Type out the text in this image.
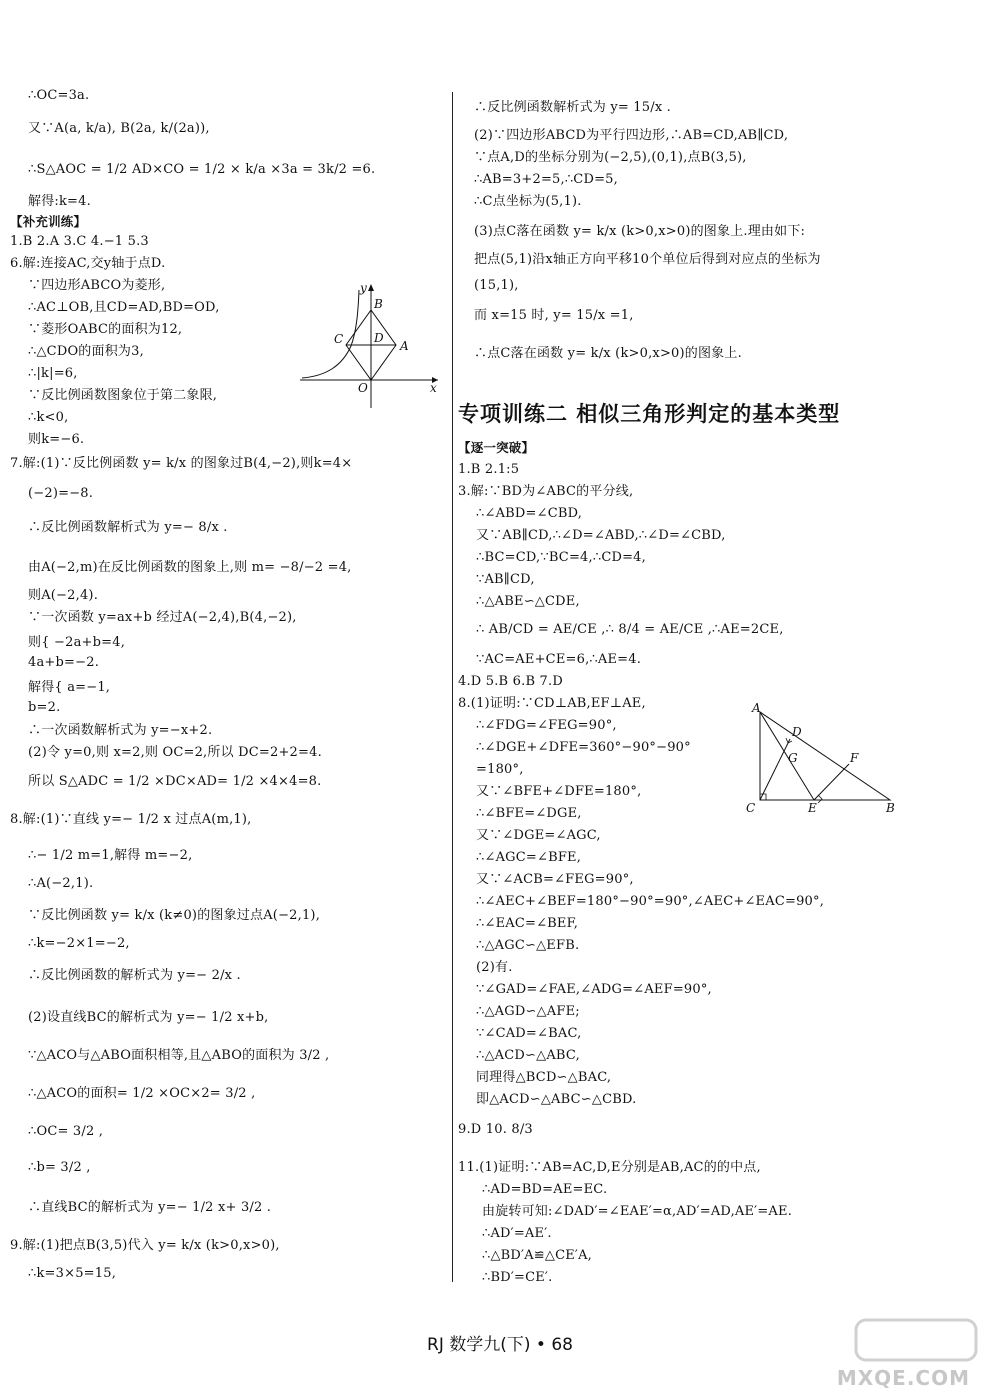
∴OC=3a.
又∵A(a, k/a), B(2a, k/(2a)),
∴S△AOC = 1/2 AD×CO = 1/2 × k/a ×3a = 3k/2 =6.
解得:k=4.
【补充训练】
1.B 2.A 3.C 4.−1 5.3
6.解:连接AC,交y轴于点D.
∵四边形ABCO为菱形,
∴AC⊥OB,且CD=AD,BD=OD,
∵菱形OABC的面积为12,
∴△CDO的面积为3,
∴|k|=6,
∵反比例函数图象位于第二象限,
∴k<0,
则k=−6.
7.解:(1)∵反比例函数 y= k/x 的图象过B(4,−2),则k=4×
(−2)=−8.
∴反比例函数解析式为 y=− 8/x .
由A(−2,m)在反比例函数的图象上,则 m= −8/−2 =4,
则A(−2,4).
∵一次函数 y=ax+b 经过A(−2,4),B(4,−2),
则{ −2a+b=4,
4a+b=−2.
解得{ a=−1,
b=2.
∴一次函数解析式为 y=−x+2.
(2)令 y=0,则 x=2,则 OC=2,所以 DC=2+2=4.
所以 S△ADC = 1/2 ×DC×AD= 1/2 ×4×4=8.
8.解:(1)∵直线 y=− 1/2 x 过点A(m,1),
∴− 1/2 m=1,解得 m=−2,
∴A(−2,1).
∵反比例函数 y= k/x (k≠0)的图象过点A(−2,1),
∴k=−2×1=−2,
∴反比例函数的解析式为 y=− 2/x .
(2)设直线BC的解析式为 y=− 1/2 x+b,
∵△ACO与△ABO面积相等,且△ABO的面积为 3/2 ,
∴△ACO的面积= 1/2 ×OC×2= 3/2 ,
∴OC= 3/2 ,
∴b= 3/2 ,
∴直线BC的解析式为 y=− 1/2 x+ 3/2 .
9.解:(1)把点B(3,5)代入 y= k/x (k>0,x>0),
∴k=3×5=15,
∴反比例函数解析式为 y= 15/x .
(2)∵四边形ABCD为平行四边形,∴AB=CD,AB∥CD,
∵点A,D的坐标分别为(−2,5),(0,1),点B(3,5),
∴AB=3+2=5,∴CD=5,
∴C点坐标为(5,1).
(3)点C落在函数 y= k/x (k>0,x>0)的图象上.理由如下:
把点(5,1)沿x轴正方向平移10个单位后得到对应点的坐标为
(15,1),
而 x=15 时, y= 15/x =1,
∴点C落在函数 y= k/x (k>0,x>0)的图象上.
【逐一突破】
1.B 2.1:5
3.解:∵BD为∠ABC的平分线,
∴∠ABD=∠CBD,
又∵AB∥CD,∴∠D=∠ABD,∴∠D=∠CBD,
∴BC=CD,∵BC=4,∴CD=4,
∵AB∥CD,
∴△ABE∽△CDE,
∴ AB/CD = AE/CE ,∴ 8/4 = AE/CE ,∴AE=2CE,
∵AC=AE+CE=6,∴AE=4.
4.D 5.B 6.B 7.D
8.(1)证明:∵CD⊥AB,EF⊥AE,
∴∠FDG=∠FEG=90°,
∴∠DGE+∠DFE=360°−90°−90°
=180°,
又∵∠BFE+∠DFE=180°,
∴∠BFE=∠DGE,
又∵∠DGE=∠AGC,
∴∠AGC=∠BFE,
又∵∠ACB=∠FEG=90°,
∴∠AEC+∠BEF=180°−90°=90°,∠AEC+∠EAC=90°,
∴∠EAC=∠BEF,
∴△AGC∽△EFB.
(2)有.
∵∠GAD=∠FAE,∠ADG=∠AEF=90°,
∴△AGD∽△AFE;
∵∠CAD=∠BAC,
∴△ACD∽△ABC,
同理得△BCD∽△BAC,
即△ACD∽△ABC∽△CBD.
9.D 10. 8/3
11.(1)证明:∵AB=AC,D,E分别是AB,AC的的中点,
∴AD=BD=AE=EC.
由旋转可知:∠DAD′=∠EAE′=α,AD′=AD,AE′=AE.
∴AD′=AE′.
∴△BD′A≌△CE′A,
∴BD′=CE′.
专项训练二 相似三角形判定的基本类型
y
B
C	D
A
O	x
A
D
G	F
C	E	B
RJ 数学九(下) • 68
MXQE.COM
